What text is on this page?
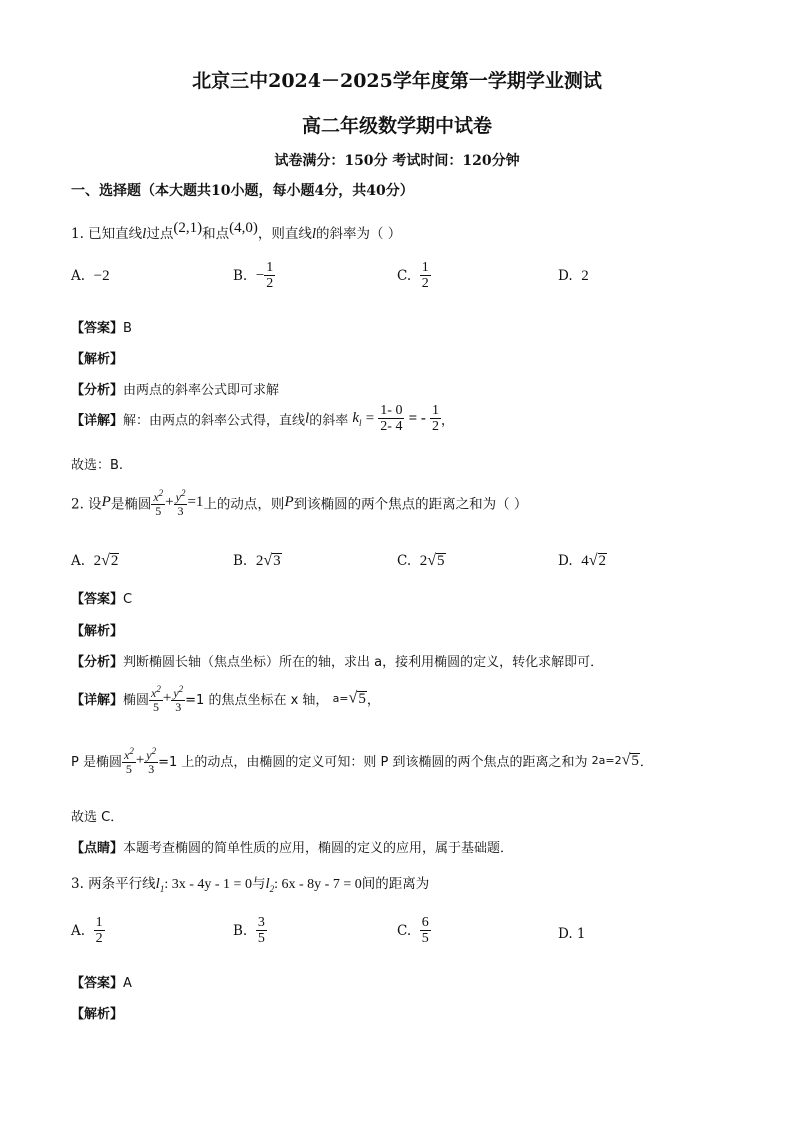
北京三中2024－2025学年度第一学期学业测试
高二年级数学期中试卷
试卷满分：150分 考试时间：120分钟
一、选择题（本大题共10小题，每小题4分，共40分）
1. 已知直线l过点(2,1)和点(4,0)，则直线l的斜率为（ ）
A. −2	B. − $\frac{1}{2}$	C. $\frac{1}{2}$	D. 2
【答案】B
【解析】
【分析】由两点的斜率公式即可求解
【详解】解：由两点的斜率公式得，直线l的斜率 $k_l = \frac{1- 0}{2- 4}$ = - $\frac{1}{2}$ ，
故选：B.
2. 设P是椭圆 $\frac{x^2}{5} + \frac{y^2}{3} =1$上的动点，则P到该椭圆的两个焦点的距离之和为（ ）
A. 2√2	B. 2√3	C. 2√5	D. 4√2
【答案】C
【解析】
【分析】判断椭圆长轴（焦点坐标）所在的轴，求出 a，接利用椭圆的定义，转化求解即可．
【详解】椭圆 $\frac{x^2}{5} + \frac{y^2}{3} =1$ 的焦点坐标在 x 轴， a=√5，
P 是椭圆 $\frac{x^2}{5} + \frac{y^2}{3} =1$ 上的动点，由椭圆的定义可知：则 P 到该椭圆的两个焦点的距离之和为 2a=2√5．
故选 C．
【点睛】本题考查椭圆的简单性质的应用，椭圆的定义的应用，属于基础题．
3. 两条平行线$l_1$: 3x - 4y - 1 = 0与$l_2$: 6x - 8y - 7 = 0间的距离为
A. $\frac{1}{2}$	B. $\frac{3}{5}$	C. $\frac{6}{5}$	D. 1
【答案】A
【解析】
